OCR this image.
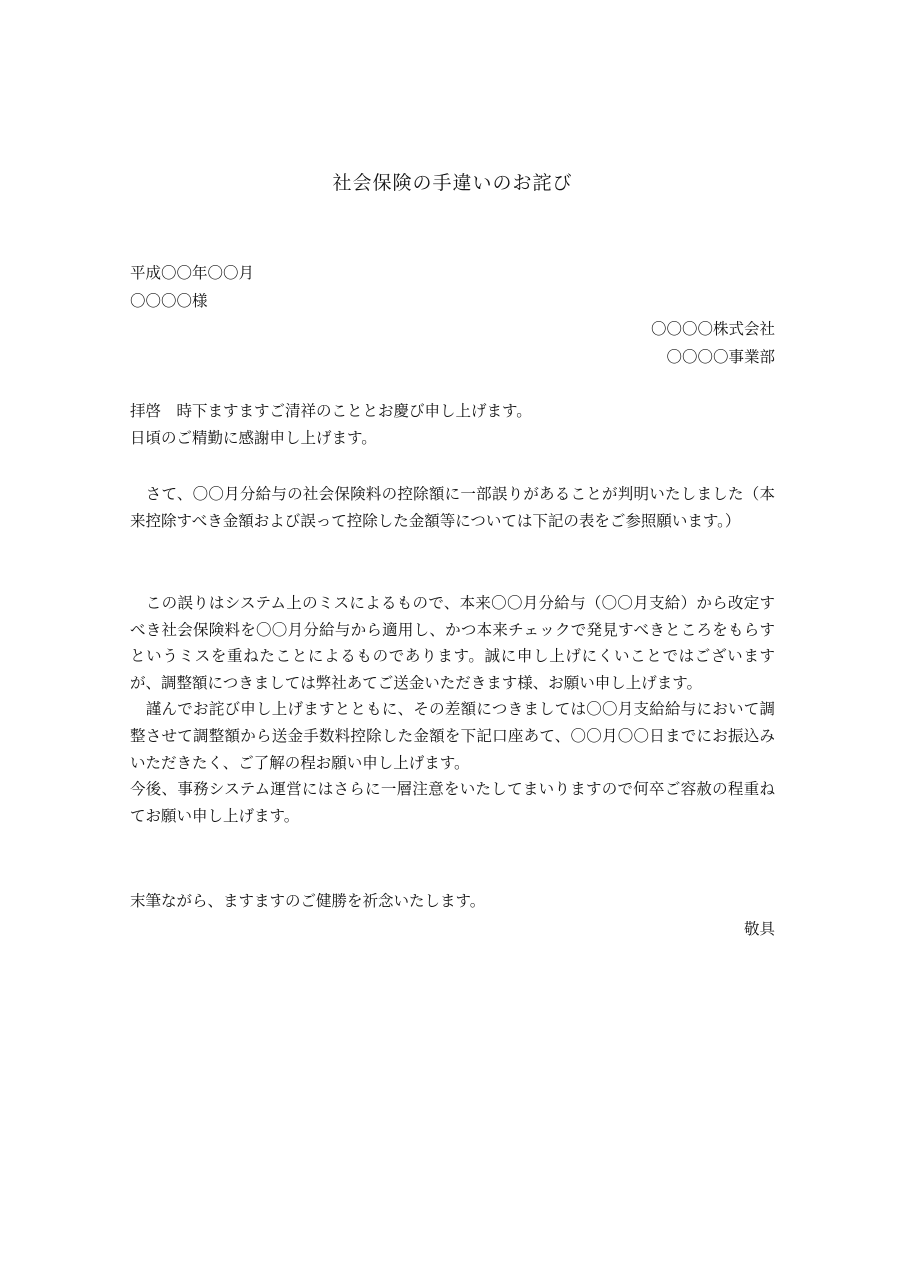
社会保険の手違いのお詫び
平成〇〇年〇〇月
〇〇〇〇様
〇〇〇〇株式会社
〇〇〇〇事業部
拝啓　時下ますますご清祥のこととお慶び申し上げます。
日頃のご精勤に感謝申し上げます。

　さて、〇〇月分給与の社会保険料の控除額に一部誤りがあることが判明いたしました（本来控除すべき金額および誤って控除した金額等については下記の表をご参照願います。）

　この誤りはシステム上のミスによるもので、本来〇〇月分給与（〇〇月支給）から改定すべき社会保険料を〇〇月分給与から適用し、かつ本来チェックで発見すべきところをもらすというミスを重ねたことによるものであります。誠に申し上げにくいことではございますが、調整額につきましては弊社あてご送金いただきます様、お願い申し上げます。

　謹んでお詫び申し上げますとともに、その差額につきましては〇〇月支給給与において調整させて調整額から送金手数料控除した金額を下記口座あて、〇〇月〇〇日までにお振込みいただきたく、ご了解の程お願い申し上げます。

今後、事務システム運営にはさらに一層注意をいたしてまいりますので何卒ご容赦の程重ねてお願い申し上げます。

末筆ながら、ますますのご健勝を祈念いたします。
敬具
